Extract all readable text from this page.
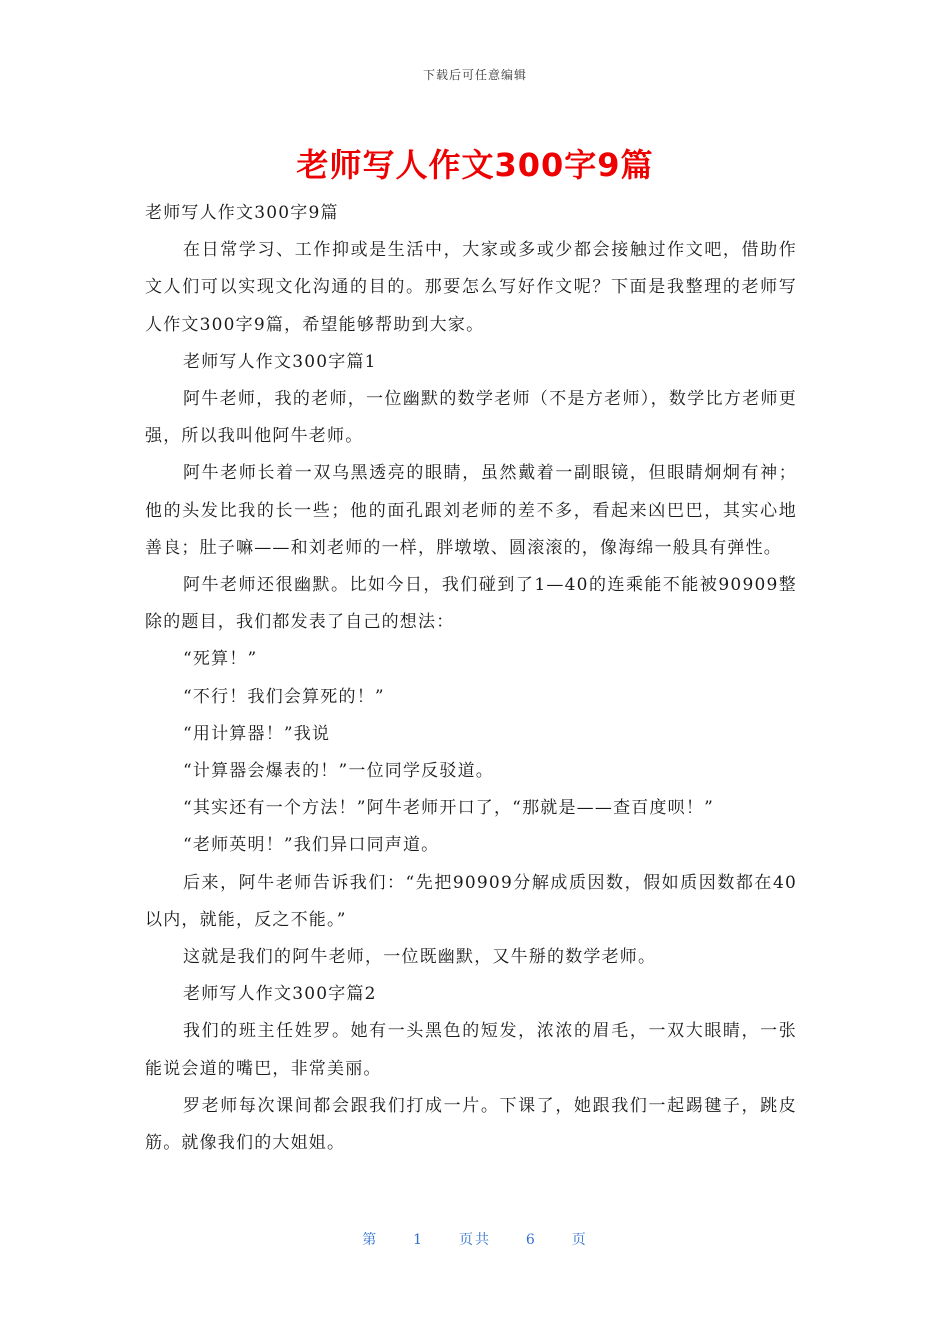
下载后可任意编辑
老师写人作文300字9篇

老师写人作文300字9篇

在日常学习、工作抑或是生活中，大家或多或少都会接触过作文吧，借助作文人们可以实现文化沟通的目的。那要怎么写好作文呢？下面是我整理的老师写人作文300字9篇，希望能够帮助到大家。

老师写人作文300字篇1

阿牛老师，我的老师，一位幽默的数学老师（不是方老师），数学比方老师更强，所以我叫他阿牛老师。

阿牛老师长着一双乌黑透亮的眼睛，虽然戴着一副眼镜，但眼睛炯炯有神；他的头发比我的长一些；他的面孔跟刘老师的差不多，看起来凶巴巴，其实心地善良；肚子嘛——和刘老师的一样，胖墩墩、圆滚滚的，像海绵一般具有弹性。

阿牛老师还很幽默。比如今日，我们碰到了1—40的连乘能不能被90909整除的题目，我们都发表了自己的想法：

“死算！”

“不行！我们会算死的！”

“用计算器！”我说

“计算器会爆表的！”一位同学反驳道。

“其实还有一个方法！”阿牛老师开口了，“那就是——查百度呗！”

“老师英明！”我们异口同声道。

后来，阿牛老师告诉我们：“先把90909分解成质因数，假如质因数都在40以内，就能，反之不能。”

这就是我们的阿牛老师，一位既幽默，又牛掰的数学老师。

老师写人作文300字篇2

我们的班主任姓罗。她有一头黑色的短发，浓浓的眉毛，一双大眼睛，一张能说会道的嘴巴，非常美丽。

罗老师每次课间都会跟我们打成一片。下课了，她跟我们一起踢毽子，跳皮筋。就像我们的大姐姐。

第 1 页共 6 页
